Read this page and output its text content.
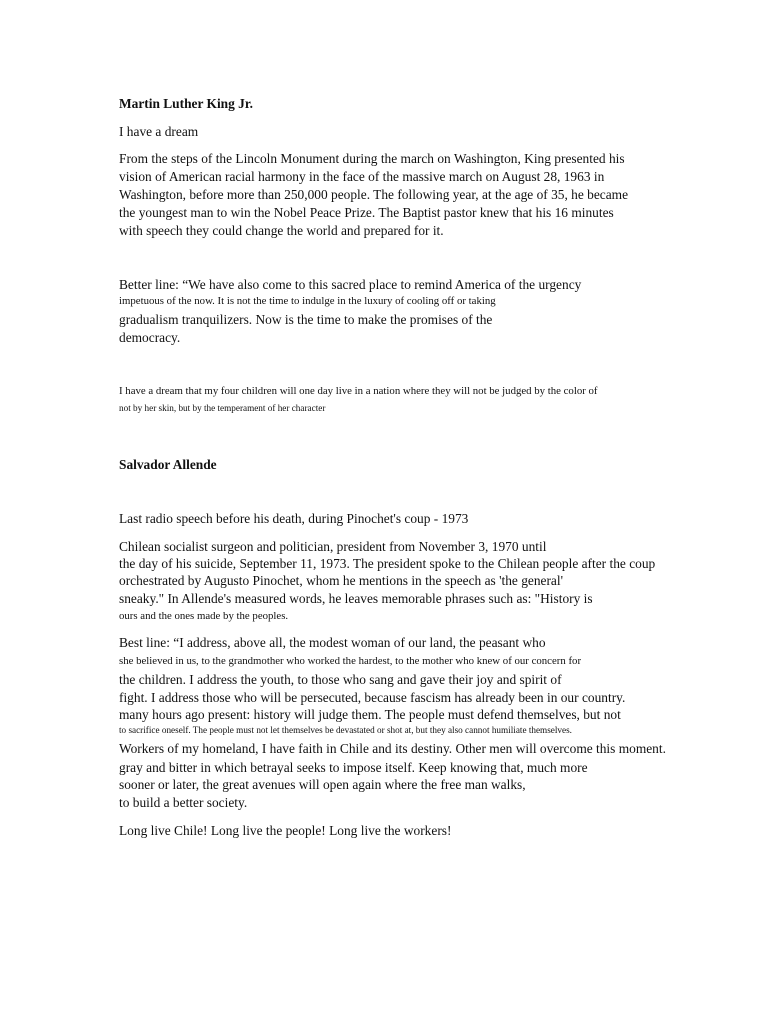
Martin Luther King Jr.
I have a dream
From the steps of the Lincoln Monument during the march on Washington, King presented his
vision of American racial harmony in the face of the massive march on August 28, 1963 in
Washington, before more than 250,000 people. The following year, at the age of 35, he became
the youngest man to win the Nobel Peace Prize. The Baptist pastor knew that his 16 minutes
with speech they could change the world and prepared for it.
Better line: “We have also come to this sacred place to remind America of the urgency
impetuous of the now. It is not the time to indulge in the luxury of cooling off or taking
gradualism tranquilizers. Now is the time to make the promises of the
democracy.
I have a dream that my four children will one day live in a nation where they will not be judged by the color of
not by her skin, but by the temperament of her character
Salvador Allende
Last radio speech before his death, during Pinochet's coup - 1973
Chilean socialist surgeon and politician, president from November 3, 1970 until
the day of his suicide, September 11, 1973. The president spoke to the Chilean people after the coup
orchestrated by Augusto Pinochet, whom he mentions in the speech as 'the general'
sneaky." In Allende's measured words, he leaves memorable phrases such as: "History is
ours and the ones made by the peoples.
Best line: “I address, above all, the modest woman of our land, the peasant who
she believed in us, to the grandmother who worked the hardest, to the mother who knew of our concern for
the children. I address the youth, to those who sang and gave their joy and spirit of
fight. I address those who will be persecuted, because fascism has already been in our country.
many hours ago present: history will judge them. The people must defend themselves, but not
to sacrifice oneself. The people must not let themselves be devastated or shot at, but they also cannot humiliate themselves.
Workers of my homeland, I have faith in Chile and its destiny. Other men will overcome this moment.
gray and bitter in which betrayal seeks to impose itself. Keep knowing that, much more
sooner or later, the great avenues will open again where the free man walks,
to build a better society.
Long live Chile! Long live the people! Long live the workers!
